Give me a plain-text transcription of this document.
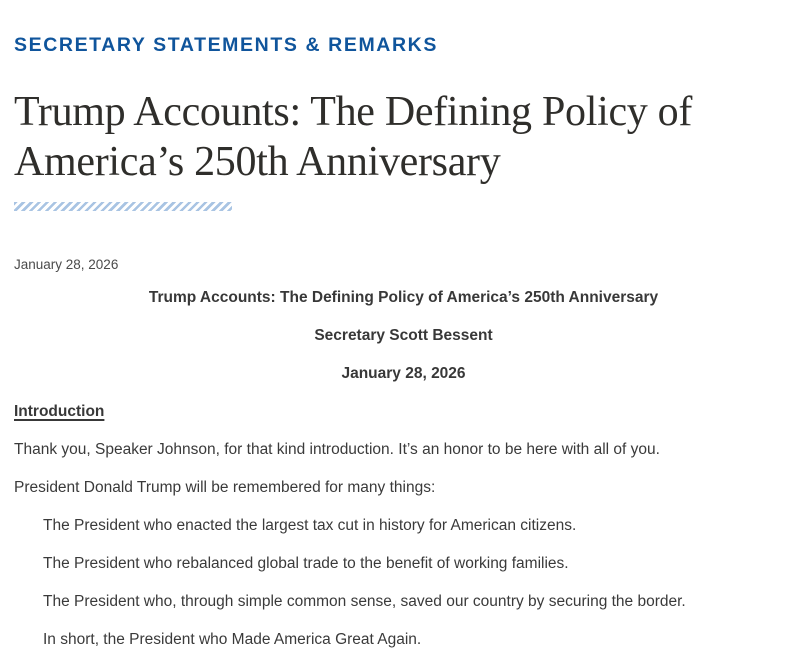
SECRETARY STATEMENTS & REMARKS
Trump Accounts: The Defining Policy of America’s 250th Anniversary
January 28, 2026

Trump Accounts: The Defining Policy of America’s 250th Anniversary

Secretary Scott Bessent

January 28, 2026

Introduction

Thank you, Speaker Johnson, for that kind introduction. It’s an honor to be here with all of you.

President Donald Trump will be remembered for many things:

The President who enacted the largest tax cut in history for American citizens.

The President who rebalanced global trade to the benefit of working families.

The President who, through simple common sense, saved our country by securing the border.

In short, the President who Made America Great Again.
